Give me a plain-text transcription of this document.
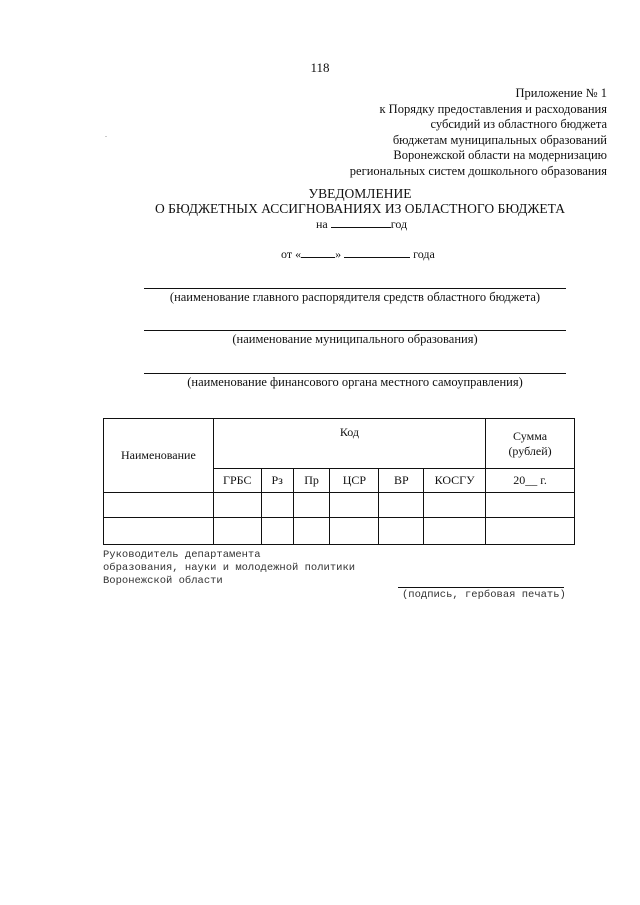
118
Приложение № 1
к Порядку предоставления и расходования
субсидий из областного бюджета
бюджетам муниципальных образований
Воронежской области на модернизацию
региональных систем дошкольного образования
.
УВЕДОМЛЕНИЕ
О БЮДЖЕТНЫХ АССИГНОВАНИЯХ ИЗ ОБЛАСТНОГО БЮДЖЕТА
на	год
от «	»	года
(наименование главного распорядителя средств областного бюджета)
(наименование муниципального образования)
(наименование финансового органа местного самоуправления)
Наименование	Код						Сумма (рублей)
	ГРБС	Рз	Пр	ЦСР	ВР	КОСГУ	20__ г.

Руководитель департамента
образования, науки и молодежной политики
Воронежской области
(подпись, гербовая печать)
